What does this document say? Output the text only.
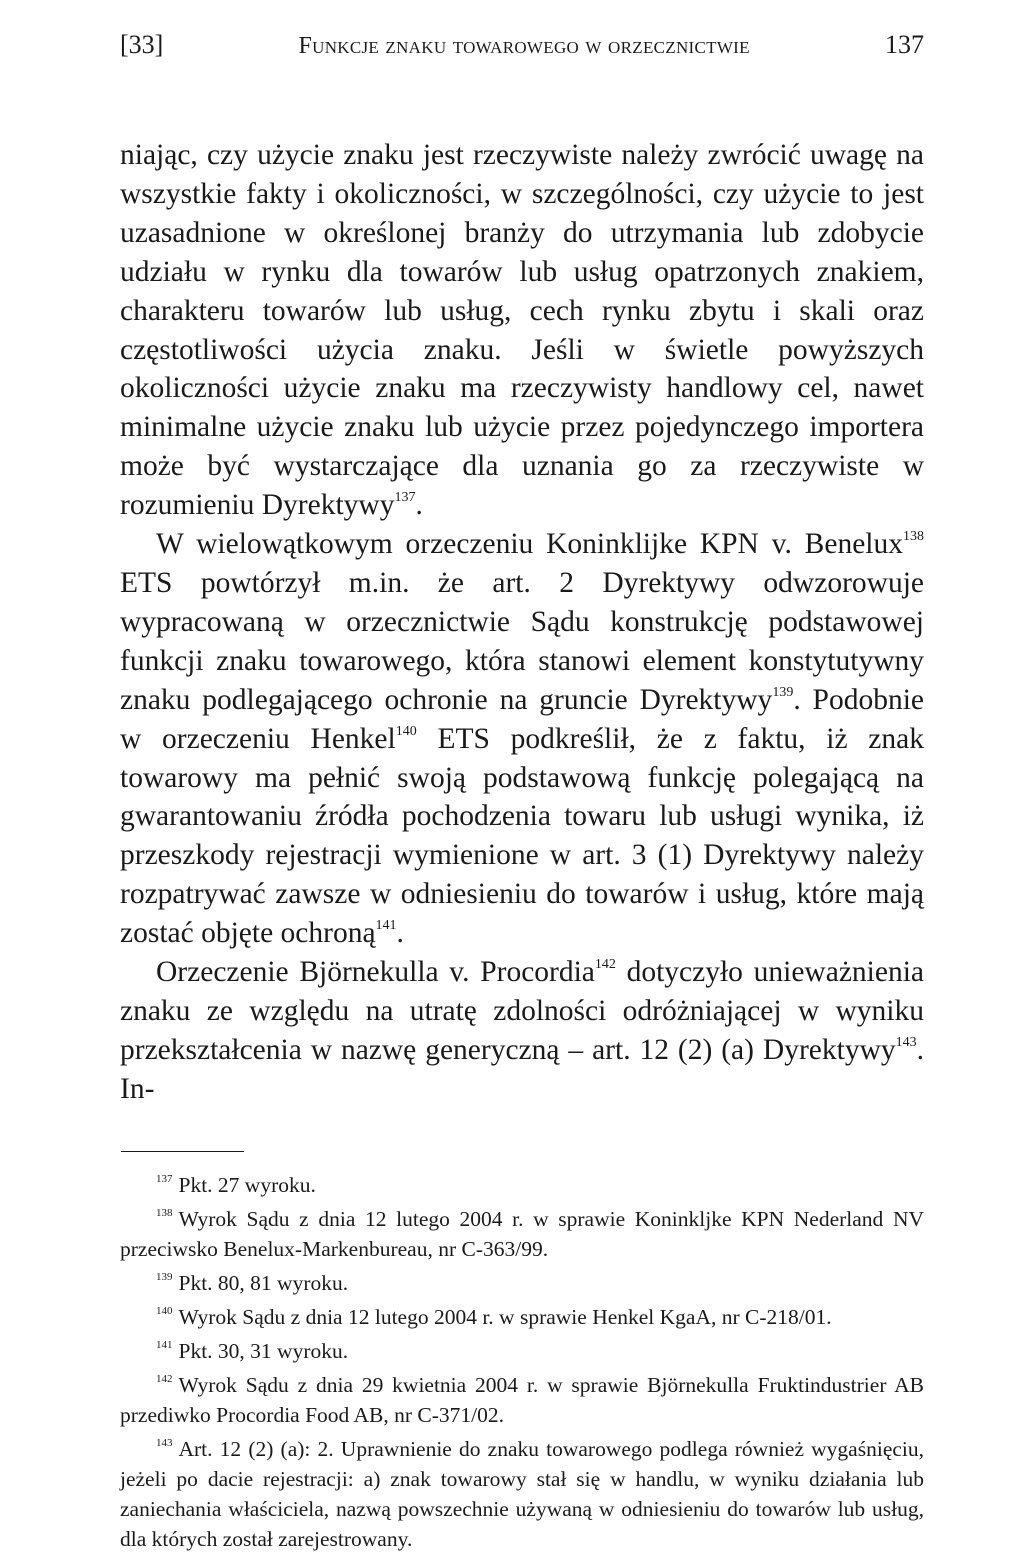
[33]	Funkcje znaku towarowego w orzecznictwie	137

niając, czy użycie znaku jest rzeczywiste należy zwrócić uwagę na wszystkie fakty i okoliczności, w szczególności, czy użycie to jest uzasadnione w określonej branży do utrzymania lub zdobycie udziału w rynku dla towarów lub usług opatrzonych znakiem, charakteru towarów lub usług, cech rynku zbytu i skali oraz częstotliwości użycia znaku. Jeśli w świetle powyższych okoliczności użycie znaku ma rzeczywisty handlowy cel, nawet minimalne użycie znaku lub użycie przez pojedynczego importera może być wystarczające dla uznania go za rzeczywiste w rozumieniu Dyrektywy$^{137}$.

W wielowątkowym orzeczeniu Koninklijke KPN v. Benelux$^{138}$ ETS powtórzył m.in. że art. 2 Dyrektywy odwzorowuje wypracowaną w orzecznictwie Sądu konstrukcję podstawowej funkcji znaku towarowego, która stanowi element konstytutywny znaku podlegającego ochronie na gruncie Dyrektywy$^{139}$. Podobnie w orzeczeniu Henkel$^{140}$ ETS podkreślił, że z faktu, iż znak towarowy ma pełnić swoją podstawową funkcję polegającą na gwarantowaniu źródła pochodzenia towaru lub usługi wynika, iż przeszkody rejestracji wymienione w art. 3 (1) Dyrektywy należy rozpatrywać zawsze w odniesieniu do towarów i usług, które mają zostać objęte ochroną$^{141}$.

Orzeczenie Björnekulla v. Procordia$^{142}$ dotyczyło unieważnienia znaku ze względu na utratę zdolności odróżniającej w wyniku przekształcenia w nazwę generyczną – art. 12 (2) (a) Dyrektywy$^{143}$. In-

$^{137}$ Pkt. 27 wyroku.

$^{138}$ Wyrok Sądu z dnia 12 lutego 2004 r. w sprawie Koninkljke KPN Nederland NV przeciwsko Benelux-Markenbureau, nr C-363/99.

$^{139}$ Pkt. 80, 81 wyroku.

$^{140}$ Wyrok Sądu z dnia 12 lutego 2004 r. w sprawie Henkel KgaA, nr C-218/01.

$^{141}$ Pkt. 30, 31 wyroku.

$^{142}$ Wyrok Sądu z dnia 29 kwietnia 2004 r. w sprawie Björnekulla Fruktindustrier AB przediwko Procordia Food AB, nr C-371/02.

$^{143}$ Art. 12 (2) (a): 2. Uprawnienie do znaku towarowego podlega również wygaśnięciu, jeżeli po dacie rejestracji: a) znak towarowy stał się w handlu, w wyniku działania lub zaniechania właściciela, nazwą powszechnie używaną w odniesieniu do towarów lub usług, dla których został zarejestrowany.
